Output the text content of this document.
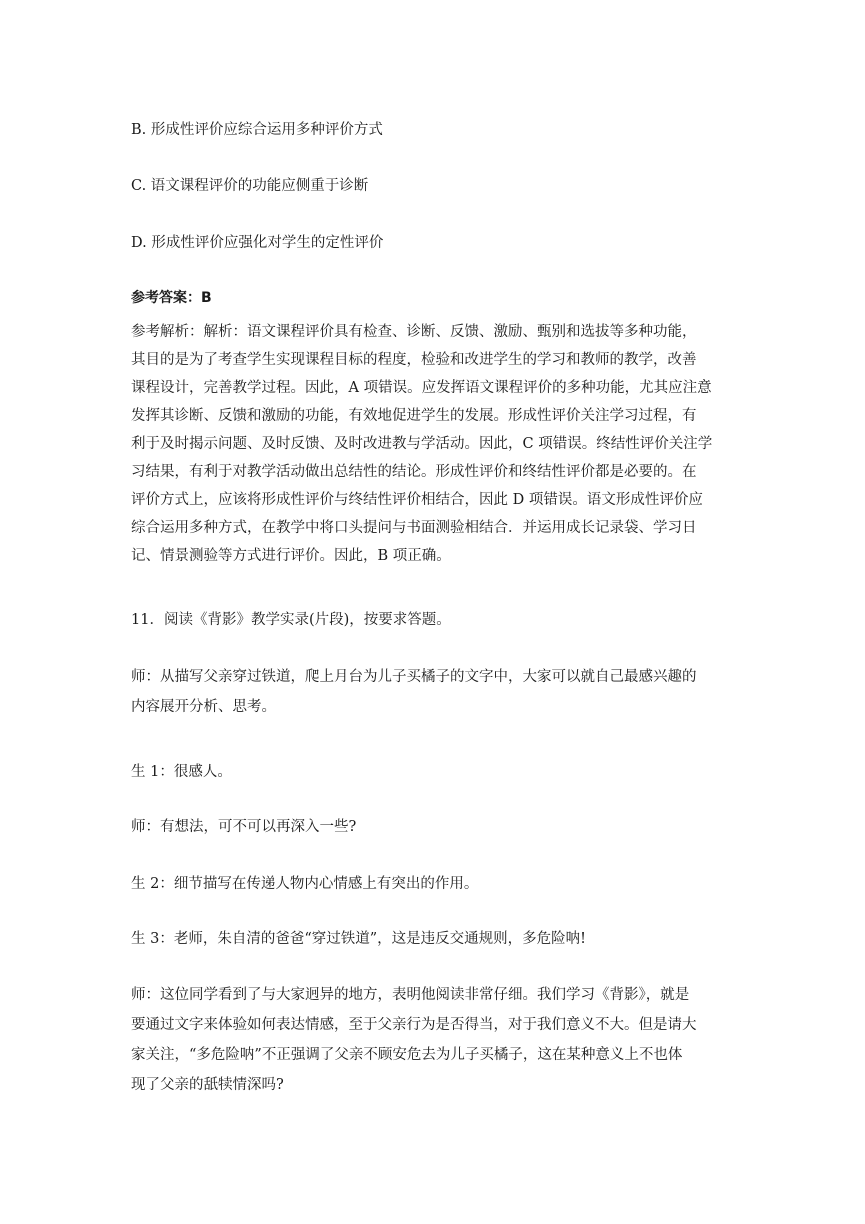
B. 形成性评价应综合运用多种评价方式
C. 语文课程评价的功能应侧重于诊断
D. 形成性评价应强化对学生的定性评价
参考答案：B
参考解析：解析：语文课程评价具有检查、诊断、反馈、激励、甄别和选拔等多种功能，
其目的是为了考查学生实现课程目标的程度，检验和改进学生的学习和教师的教学，改善
课程设计，完善教学过程。因此，A 项错误。应发挥语文课程评价的多种功能，尤其应注意
发挥其诊断、反馈和激励的功能，有效地促进学生的发展。形成性评价关注学习过程，有
利于及时揭示问题、及时反馈、及时改进教与学活动。因此，C 项错误。终结性评价关注学
习结果，有利于对教学活动做出总结性的结论。形成性评价和终结性评价都是必要的。在
评价方式上，应该将形成性评价与终结性评价相结合，因此 D 项错误。语文形成性评价应
综合运用多种方式，在教学中将口头提问与书面测验相结合．并运用成长记录袋、学习日
记、情景测验等方式进行评价。因此，B 项正确。
11．阅读《背影》教学实录(片段)，按要求答题。
师：从描写父亲穿过铁道，爬上月台为儿子买橘子的文字中，大家可以就自己最感兴趣的
内容展开分析、思考。
生 1：很感人。
师：有想法，可不可以再深入一些?
生 2：细节描写在传递人物内心情感上有突出的作用。
生 3：老师，朱自清的爸爸“穿过铁道”，这是违反交通规则，多危险呐!
师：这位同学看到了与大家迥异的地方，表明他阅读非常仔细。我们学习《背影》，就是
要通过文字来体验如何表达情感，至于父亲行为是否得当，对于我们意义不大。但是请大
家关注，“多危险呐”不正强调了父亲不顾安危去为儿子买橘子，这在某种意义上不也体
现了父亲的舐犊情深吗?
